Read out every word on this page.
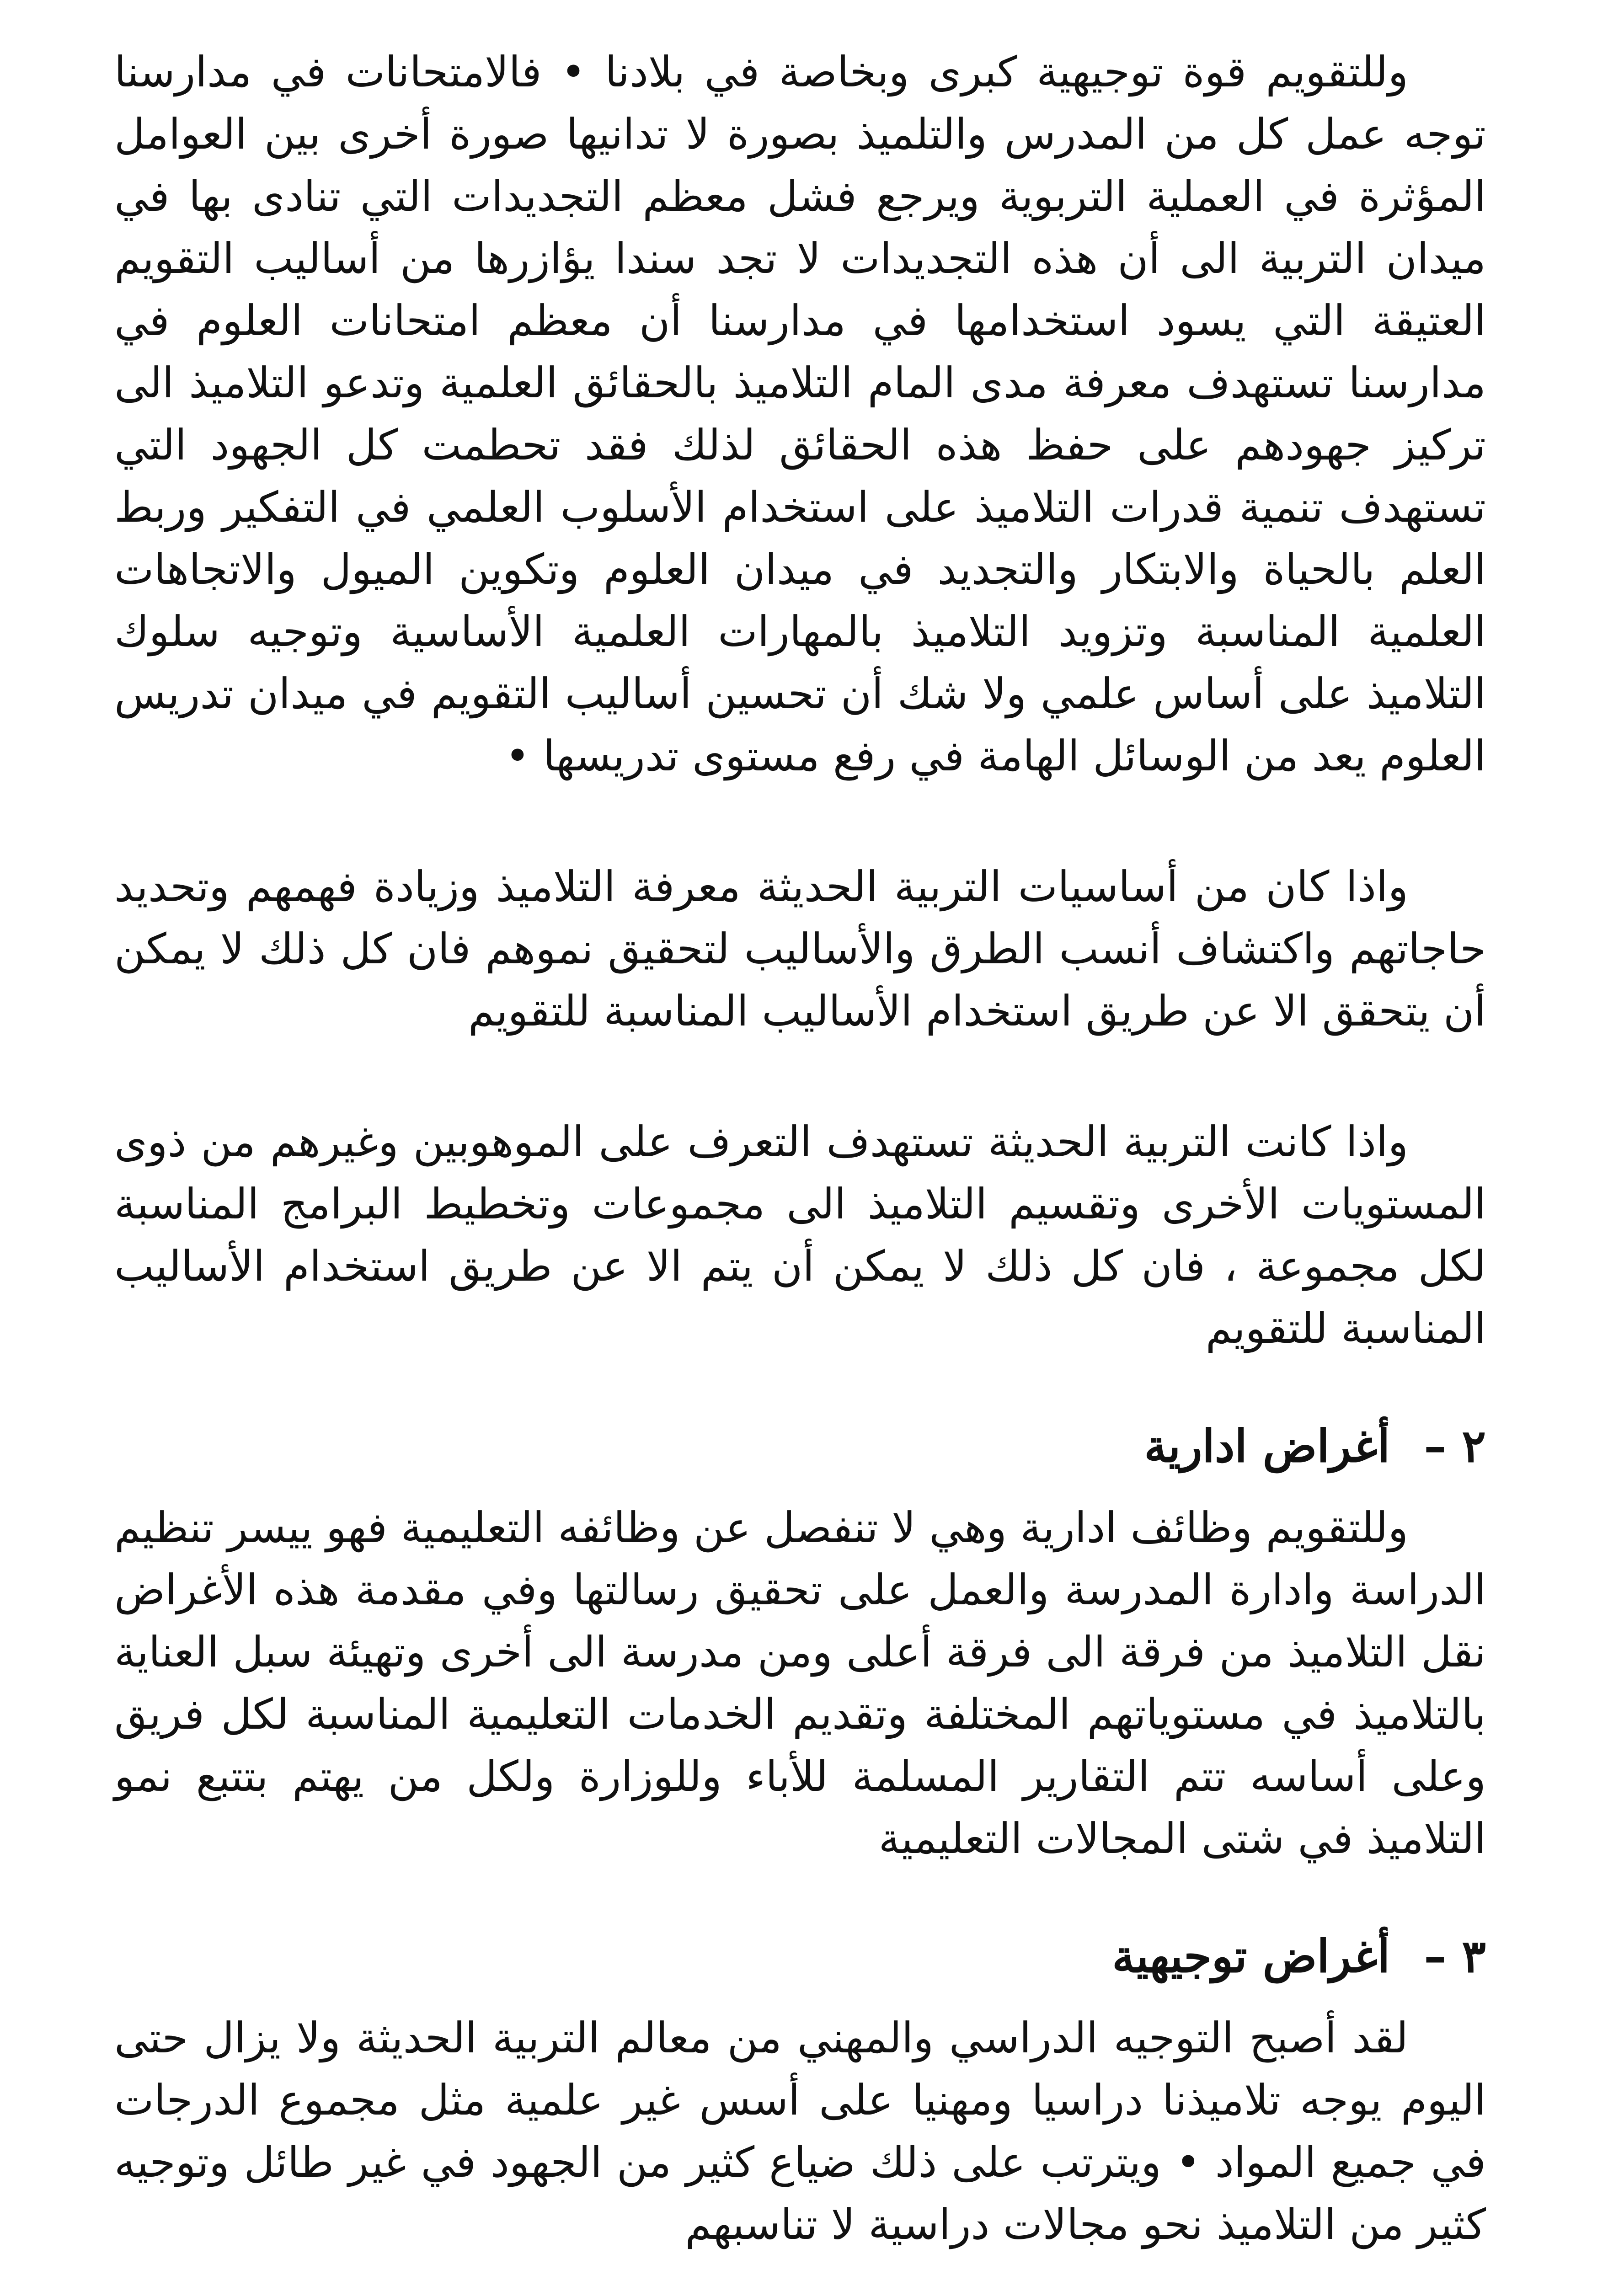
وللتقويم قوة توجيهية كبرى وبخاصة في بلادنا • فالامتحانات في مدارسنا توجه عمل كل من المدرس والتلميذ بصورة لا تدانيها صورة أخرى بين العوامل المؤثرة في العملية التربوية ويرجع فشل معظم التجديدات التي تنادى بها في ميدان التربية الى أن هذه التجديدات لا تجد سندا يؤازرها من أساليب التقويم العتيقة التي يسود استخدامها في مدارسنا أن معظم امتحانات العلوم في مدارسنا تستهدف معرفة مدى المام التلاميذ بالحقائق العلمية وتدعو التلاميذ الى تركيز جهودهم على حفظ هذه الحقائق لذلك فقد تحطمت كل الجهود التي تستهدف تنمية قدرات التلاميذ على استخدام الأسلوب العلمي في التفكير وربط العلم بالحياة والابتكار والتجديد في ميدان العلوم وتكوين الميول والاتجاهات العلمية المناسبة وتزويد التلاميذ بالمهارات العلمية الأساسية وتوجيه سلوك التلاميذ على أساس علمي ولا شك أن تحسين أساليب التقويم في ميدان تدريس العلوم يعد من الوسائل الهامة في رفع مستوى تدريسها •

واذا كان من أساسيات التربية الحديثة معرفة التلاميذ وزيادة فهمهم وتحديد حاجاتهم واكتشاف أنسب الطرق والأساليب لتحقيق نموهم فان كل ذلك لا يمكن أن يتحقق الا عن طريق استخدام الأساليب المناسبة للتقويم

واذا كانت التربية الحديثة تستهدف التعرف على الموهوبين وغيرهم من ذوى المستويات الأخرى وتقسيم التلاميذ الى مجموعات وتخطيط البرامج المناسبة لكل مجموعة ، فان كل ذلك لا يمكن أن يتم الا عن طريق استخدام الأساليب المناسبة للتقويم

٢ – أغراض ادارية

وللتقويم وظائف ادارية وهي لا تنفصل عن وظائفه التعليمية فهو ييسر تنظيم الدراسة وادارة المدرسة والعمل على تحقيق رسالتها وفي مقدمة هذه الأغراض نقل التلاميذ من فرقة الى فرقة أعلى ومن مدرسة الى أخرى وتهيئة سبل العناية بالتلاميذ في مستوياتهم المختلفة وتقديم الخدمات التعليمية المناسبة لكل فريق وعلى أساسه تتم التقارير المسلمة للأباء وللوزارة ولكل من يهتم بتتبع نمو التلاميذ في شتى المجالات التعليمية

٣ – أغراض توجيهية

لقد أصبح التوجيه الدراسي والمهني من معالم التربية الحديثة ولا يزال حتى اليوم يوجه تلاميذنا دراسيا ومهنيا على أسس غير علمية مثل مجموع الدرجات في جميع المواد • ويترتب على ذلك ضياع كثير من الجهود في غير طائل وتوجيه كثير من التلاميذ نحو مجالات دراسية لا تناسبهم
